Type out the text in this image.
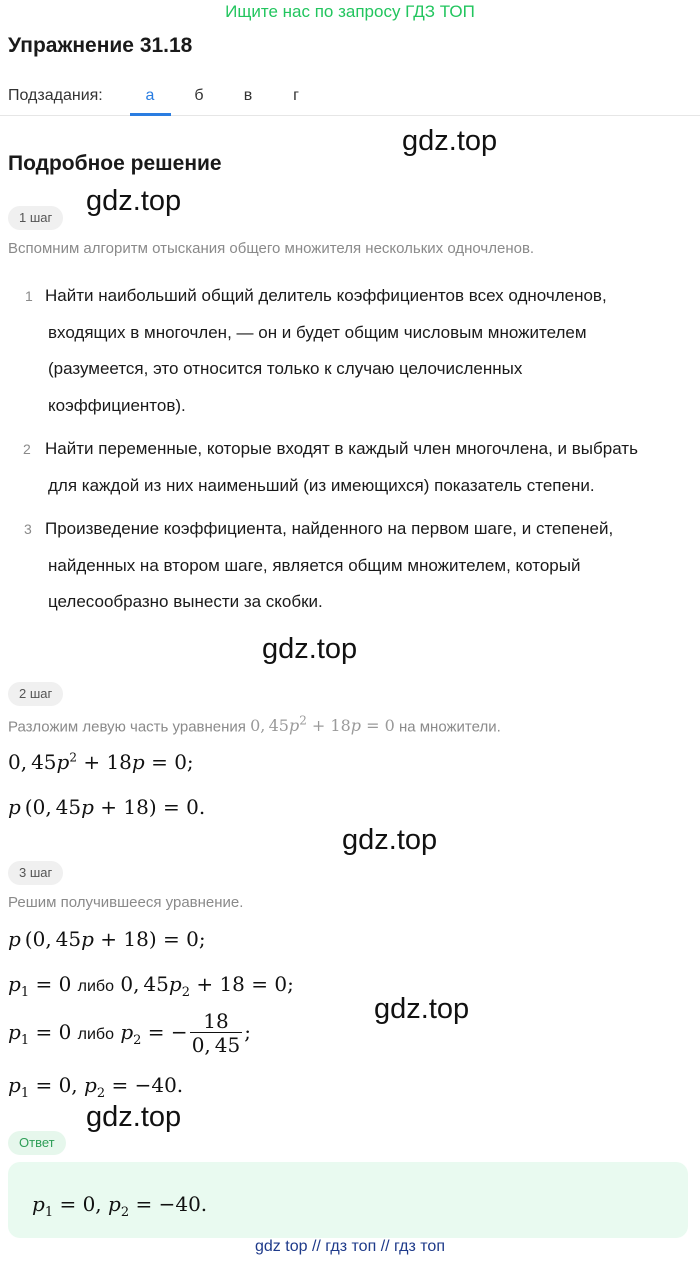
Ищите нас по запросу ГДЗ ТОП
Упражнение 31.18
Подзадания:	а	б	в	г
Подробное решение
gdz.top
gdz.top
gdz.top
gdz.top
gdz.top
gdz.top
1 шаг
Вспомним алгоритм отыскания общего множителя нескольких одночленов.
1 Найти наибольший общий делитель коэффициентов всех одночленов,
входящих в многочлен, — он и будет общим числовым множителем
(разумеется, это относится только к случаю целочисленных
коэффициентов).
2 Найти переменные, которые входят в каждый член многочлена, и выбрать
для каждой из них наименьший (из имеющихся) показатель степени.
3 Произведение коэффициента, найденного на первом шаге, и степеней,
найденных на втором шаге, является общим множителем, который
целесообразно вынести за скобки.
2 шаг
Разложим левую часть уравнения 0, $45p^2 + 18p = 0$ на множители.
0, $45p^2 + 18p = 0$;
p (0, 45p + 18) = 0.
3 шаг
Решим получившееся уравнение.
p (0, 45p + 18) = 0;
$p_1 = 0$ либо 0, $45p_2 + 18 = 0$;
$p_1 = 0$ либо $p_2$ = − $\frac{18}{0, 45}$ ;
$p_1 = 0$, $p_2 = -40$.
Ответ
$p_1 = 0$, $p_2 = -40$.
gdz top // гдз топ // гдз топ
